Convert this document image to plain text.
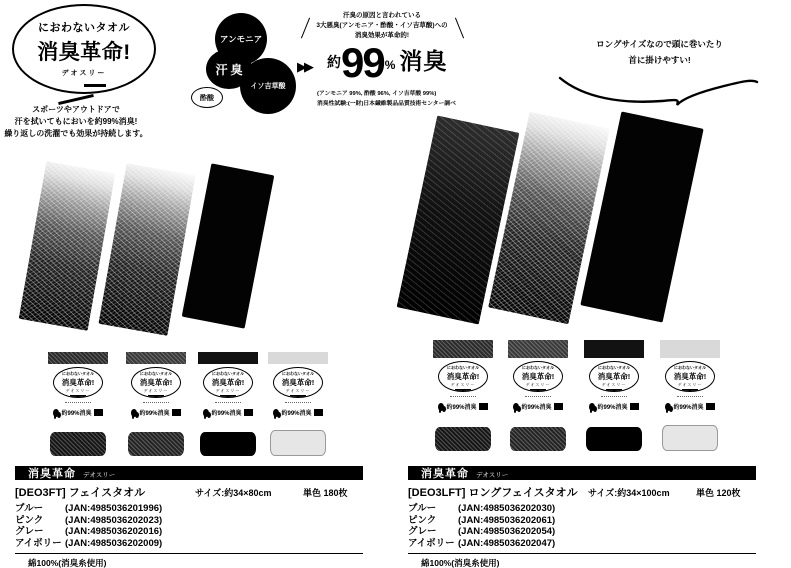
におわないタオル
消臭革命!
デオスリー
スポーツやアウトドアで
汗を拭いてもにおいを約99%消臭!
繰り返しの洗濯でも効果が持続します。
アンモニア
イソ吉草酸
汗臭
酢酸
▶▶
汗臭の原因と言われている
3大悪臭(アンモニア・酢酸・イソ吉草酸)への
消臭効果が革命的!
約 99 % 消臭
(アンモニア 99%, 酢酸 96%, イソ吉草酸 99%)
消臭性試験:(一財)日本繊維製品品質技術センター調べ
ロングサイズなので頭に巻いたり
首に掛けやすい!
におわないタオル
消臭革命!
デオスリー
約99%消臭
におわないタオル
消臭革命!
デオスリー
約99%消臭
におわないタオル
消臭革命!
デオスリー
約99%消臭
におわないタオル
消臭革命!
デオスリー
約99%消臭
におわないタオル
消臭革命!
デオスリー
約99%消臭
におわないタオル
消臭革命!
デオスリー
約99%消臭
におわないタオル
消臭革命!
デオスリー
約99%消臭
におわないタオル
消臭革命!
デオスリー
約99%消臭
消臭革命 デオスリー
[DEO3FT] フェイスタオル	サイズ:約34×80cm	単色 180枚
ブルー (JAN:4985036201996)
ピンク (JAN:4985036202023)
グレー (JAN:4985036202016)
アイボリー (JAN:4985036202009)
綿100%(消臭糸使用)
消臭革命 デオスリー
[DEO3LFT] ロングフェイスタオル	サイズ:約34×100cm	単色 120枚
ブルー (JAN:4985036202030)
ピンク (JAN:4985036202061)
グレー (JAN:4985036202054)
アイボリー (JAN:4985036202047)
綿100%(消臭糸使用)
